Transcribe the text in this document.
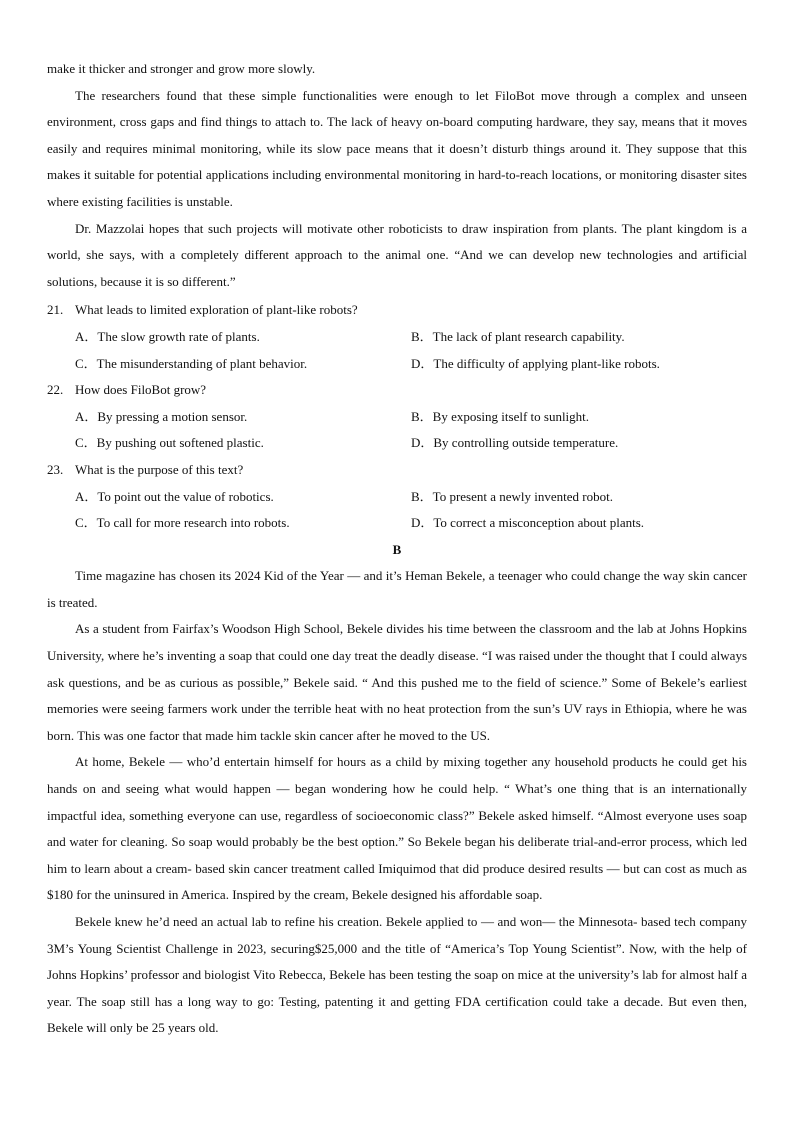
make it thicker and stronger and grow more slowly.

The researchers found that these simple functionalities were enough to let FiloBot move through a complex and unseen environment, cross gaps and find things to attach to. The lack of heavy on-board computing hardware, they say, means that it moves easily and requires minimal monitoring, while its slow pace means that it doesn’t disturb things around it. They suppose that this makes it suitable for potential applications including environmental monitoring in hard-to-reach locations, or monitoring disaster sites where existing facilities is unstable.

Dr. Mazzolai hopes that such projects will motivate other roboticists to draw inspiration from plants. The plant kingdom is a world, she says, with a completely different approach to the animal one. “And we can develop new technologies and artificial solutions, because it is so different.”

21. What leads to limited exploration of plant-like robots?
A．The slow growth rate of plants.	B．The lack of plant research capability.
C．The misunderstanding of plant behavior.	D．The difficulty of applying plant-like robots.
22. How does FiloBot grow?
A．By pressing a motion sensor.	B．By exposing itself to sunlight.
C．By pushing out softened plastic.	D．By controlling outside temperature.
23. What is the purpose of this text?
A．To point out the value of robotics.	B．To present a newly invented robot.
C．To call for more research into robots.	D．To correct a misconception about plants.
B

Time magazine has chosen its 2024 Kid of the Year — and it’s Heman Bekele, a teenager who could change the way skin cancer is treated.

As a student from Fairfax’s Woodson High School, Bekele divides his time between the classroom and the lab at Johns Hopkins University, where he’s inventing a soap that could one day treat the deadly disease. “I was raised under the thought that I could always ask questions, and be as curious as possible,” Bekele said. “ And this pushed me to the field of science.” Some of Bekele’s earliest memories were seeing farmers work under the terrible heat with no heat protection from the sun’s UV rays in Ethiopia, where he was born. This was one factor that made him tackle skin cancer after he moved to the US.

At home, Bekele — who’d entertain himself for hours as a child by mixing together any household products he could get his hands on and seeing what would happen — began wondering how he could help. “ What’s one thing that is an internationally impactful idea, something everyone can use, regardless of socioeconomic class?” Bekele asked himself. “Almost everyone uses soap and water for cleaning. So soap would probably be the best option.” So Bekele began his deliberate trial-and-error process, which led him to learn about a cream- based skin cancer treatment called Imiquimod that did produce desired results — but can cost as much as $180 for the uninsured in America. Inspired by the cream, Bekele designed his affordable soap.

Bekele knew he’d need an actual lab to refine his creation. Bekele applied to — and won— the Minnesota- based tech company 3M’s Young Scientist Challenge in 2023, securing$25,000 and the title of “America’s Top Young Scientist”. Now, with the help of Johns Hopkins’ professor and biologist Vito Rebecca, Bekele has been testing the soap on mice at the university’s lab for almost half a year. The soap still has a long way to go: Testing, patenting it and getting FDA certification could take a decade. But even then, Bekele will only be 25 years old.
